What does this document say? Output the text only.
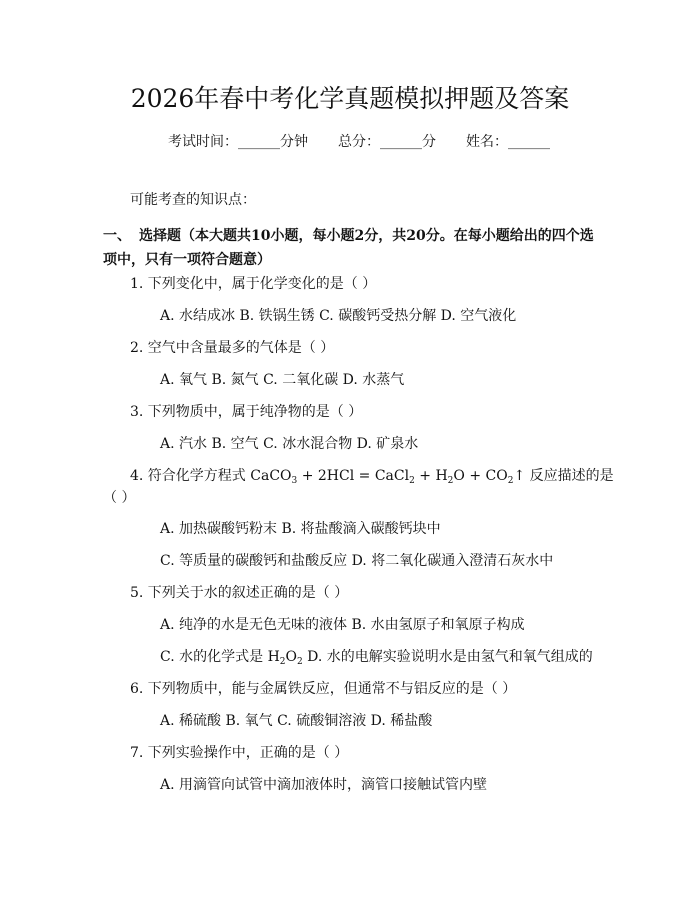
2026年春中考化学真题模拟押题及答案
考试时间：______分钟 总分：______分 姓名：______
可能考查的知识点：
一、 选择题（本大题共10小题，每小题2分，共20分。在每小题给出的四个选项中，只有一项符合题意）
1. 下列变化中，属于化学变化的是（ ）
A. 水结成冰 B. 铁锅生锈 C. 碳酸钙受热分解 D. 空气液化
2. 空气中含量最多的气体是（ ）
A. 氧气 B. 氮气 C. 二氧化碳 D. 水蒸气
3. 下列物质中，属于纯净物的是（ ）
A. 汽水 B. 空气 C. 冰水混合物 D. 矿泉水
4. 符合化学方程式 CaCO$_3$ + 2HCl = CaCl$_2$ + $H_2O$ + $CO_2↑$ 反应描述的是
（ ）
A. 加热碳酸钙粉末 B. 将盐酸滴入碳酸钙块中
C. 等质量的碳酸钙和盐酸反应 D. 将二氧化碳通入澄清石灰水中
5. 下列关于水的叙述正确的是（ ）
A. 纯净的水是无色无味的液体 B. 水由氢原子和氧原子构成
C. 水的化学式是 $H_2O_2$ D. 水的电解实验说明水是由氢气和氧气组成的
6. 下列物质中，能与金属铁反应，但通常不与铝反应的是（ ）
A. 稀硫酸 B. 氧气 C. 硫酸铜溶液 D. 稀盐酸
7. 下列实验操作中，正确的是（ ）
A. 用滴管向试管中滴加液体时，滴管口接触试管内壁
